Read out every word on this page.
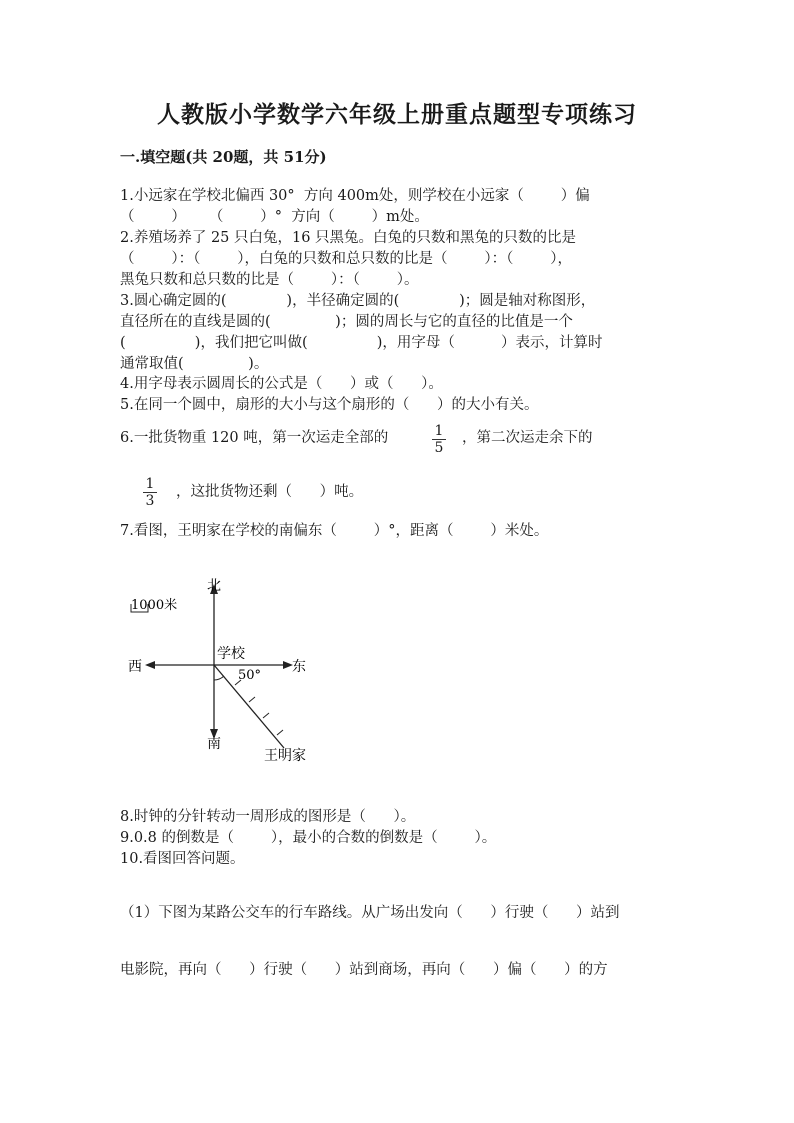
人教版小学数学六年级上册重点题型专项练习
一.填空题(共 20题，共 51分)
1.小远家在学校北偏西 30°  方向 400m处，则学校在小远家（        ）偏
（        ）     （        ）°  方向（        ）m处。
2.养殖场养了 25 只白兔，16 只黑兔。白兔的只数和黑兔的只数的比是
（        ）：（        ），白兔的只数和总只数的比是（        ）：（        ），
黑兔只数和总只数的比是（        ）：（        ）。
3.圆心确定圆的(             )，半径确定圆的(             )；圆是轴对称图形，
直径所在的直线是圆的(              )；圆的周长与它的直径的比值是一个
(               )，我们把它叫做(               )，用字母（          ）表示，计算时
通常取值(              )。
4.用字母表示圆周长的公式是（      ）或（      ）。
5.在同一个圆中，扇形的大小与这个扇形的（      ）的大小有关。
6.一批货物重 120 吨，第一次运走全部的	$\frac{1}{5}$ ，第二次运走余下的
$\frac{1}{3}$ ，这批货物还剩（      ）吨。
7.看图，王明家在学校的南偏东（        ）°，距离（        ）米处。
北
南
西	东
学校
50°
1000米
王明家
8.时钟的分针转动一周形成的图形是（      ）。
9.0.8 的倒数是（        ），最小的合数的倒数是（        ）。
10.看图回答问题。
（1）下图为某路公交车的行车路线。从广场出发向（      ）行驶（      ）站到
电影院，再向（      ）行驶（      ）站到商场，再向（      ）偏（      ）的方
